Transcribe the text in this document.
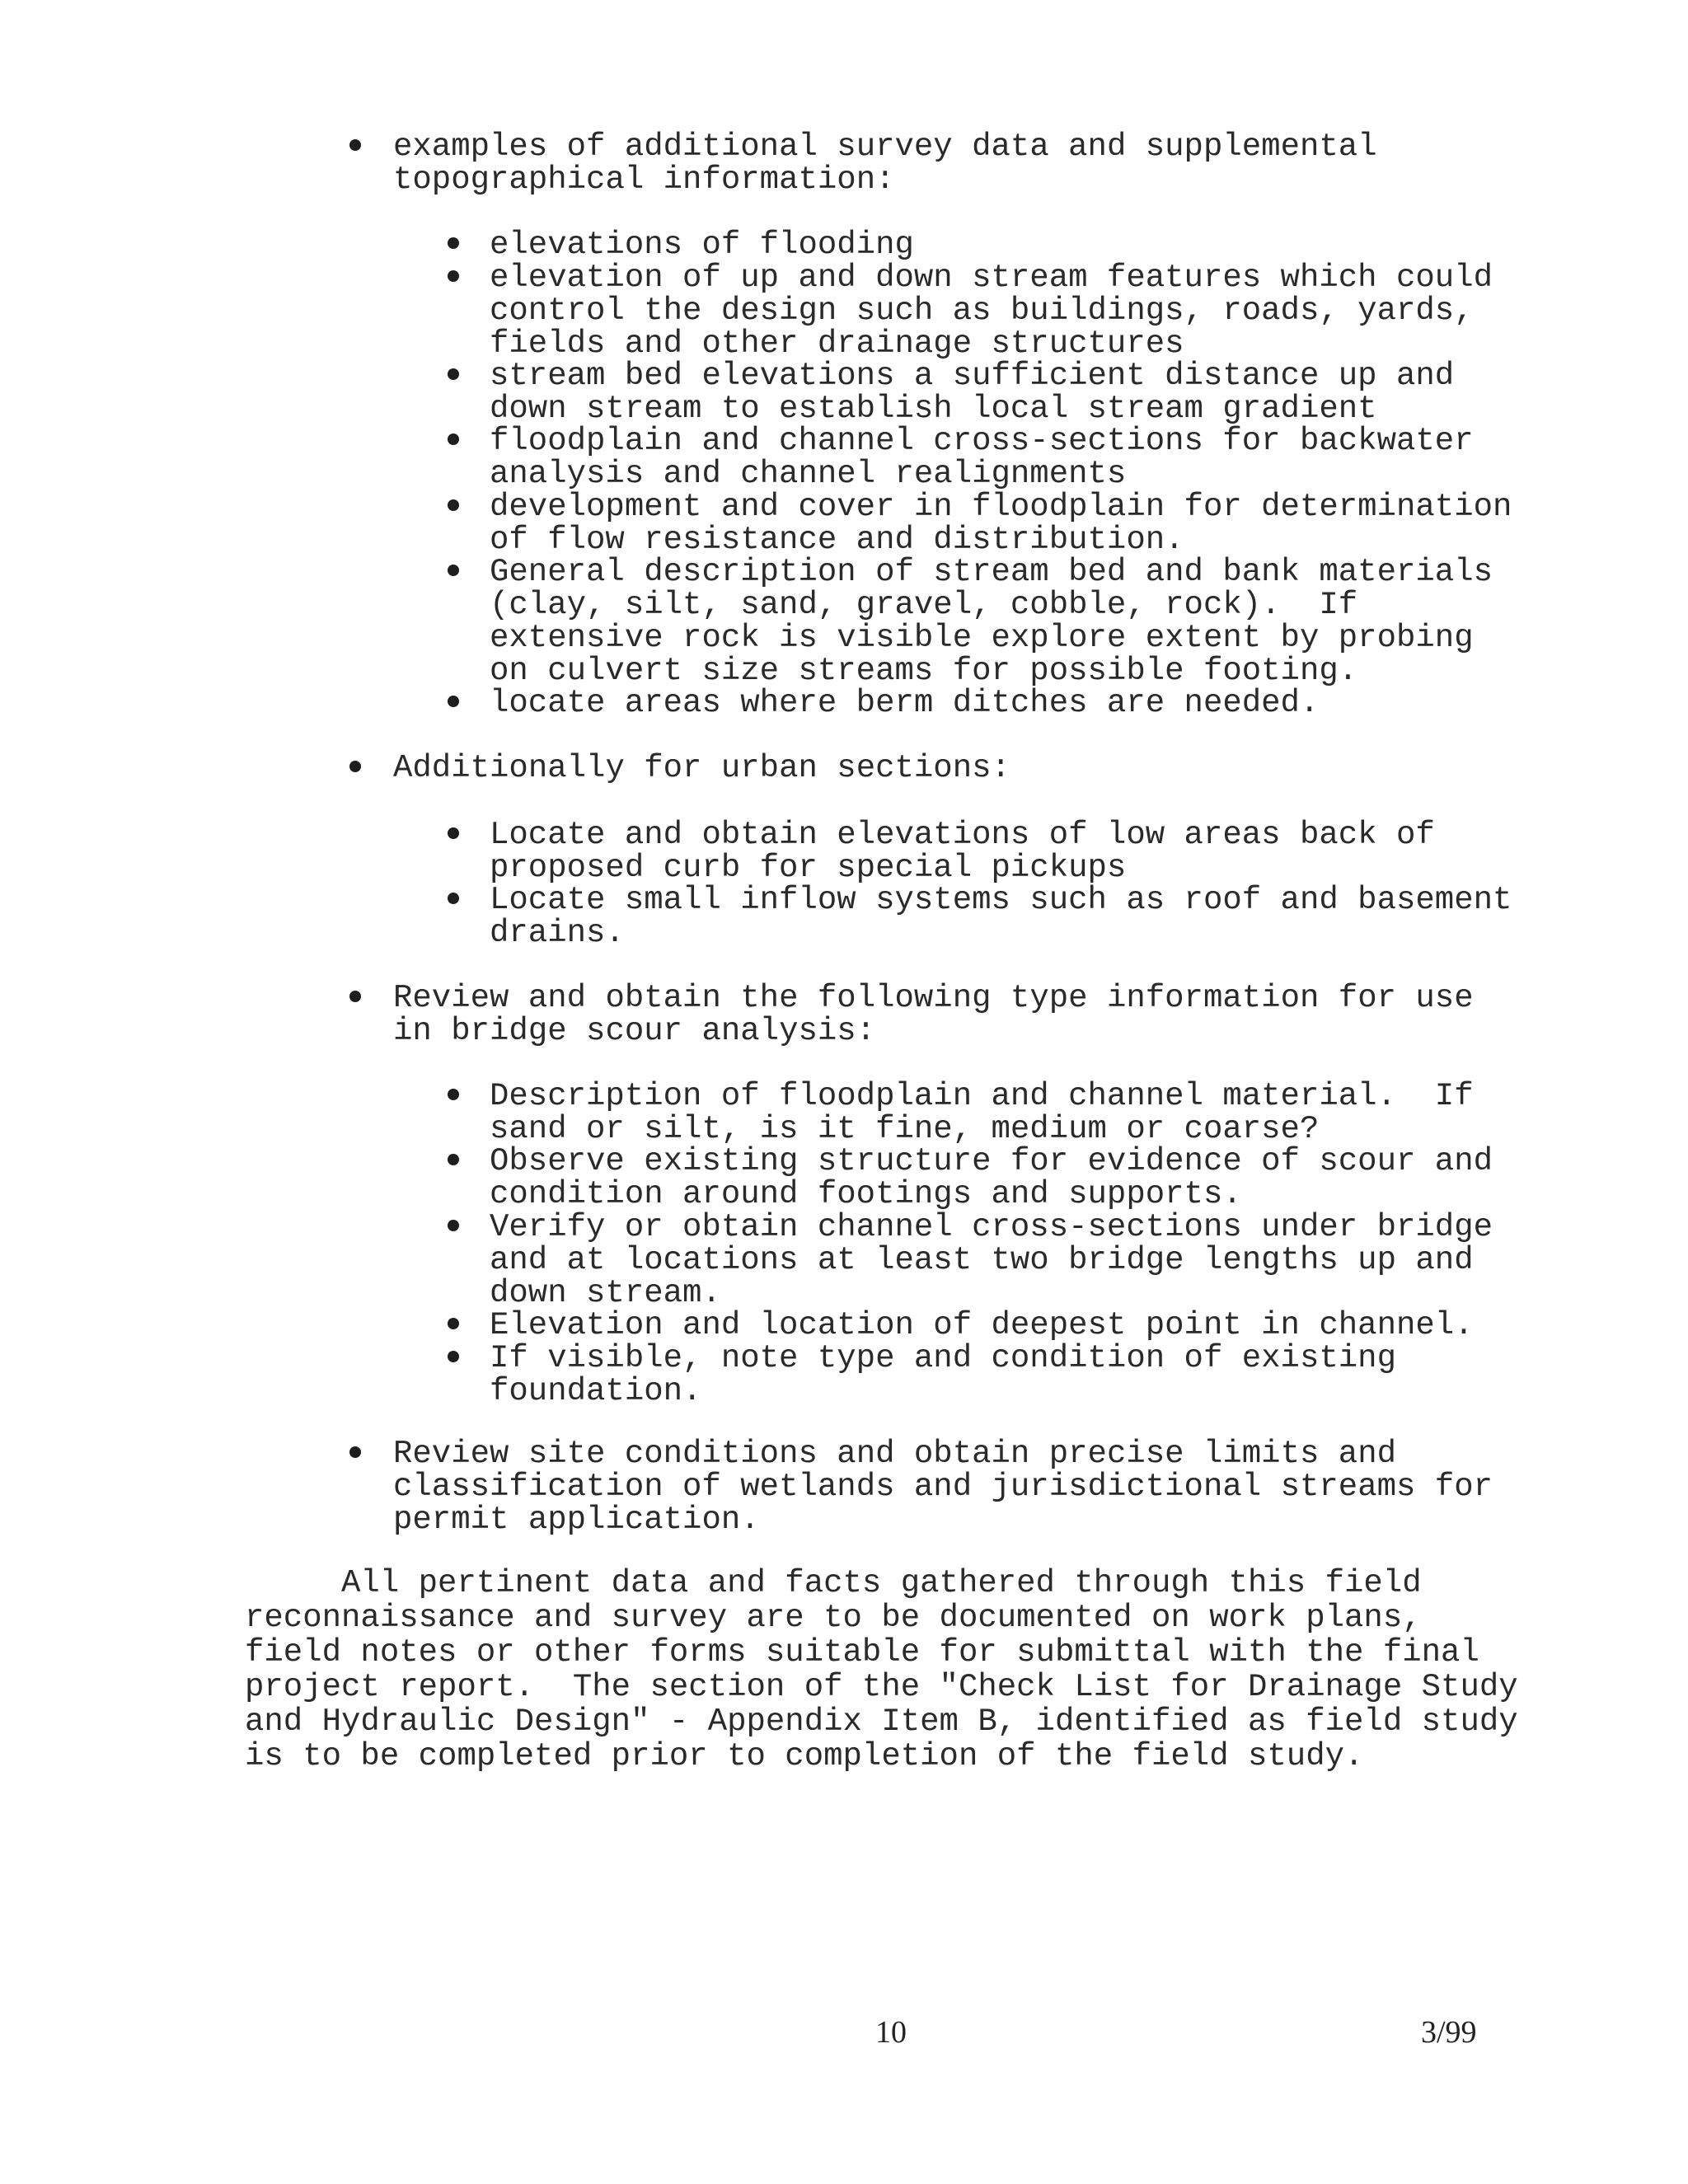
examples of additional survey data and supplemental
topographical information:
elevations of flooding
elevation of up and down stream features which could
control the design such as buildings, roads, yards,
fields and other drainage structures
stream bed elevations a sufficient distance up and
down stream to establish local stream gradient
floodplain and channel cross-sections for backwater
analysis and channel realignments
development and cover in floodplain for determination
of flow resistance and distribution.
General description of stream bed and bank materials
(clay, silt, sand, gravel, cobble, rock).  If
extensive rock is visible explore extent by probing
on culvert size streams for possible footing.
locate areas where berm ditches are needed.
Additionally for urban sections:
Locate and obtain elevations of low areas back of
proposed curb for special pickups
Locate small inflow systems such as roof and basement
drains.
Review and obtain the following type information for use
in bridge scour analysis:
Description of floodplain and channel material.  If
sand or silt, is it fine, medium or coarse?
Observe existing structure for evidence of scour and
condition around footings and supports.
Verify or obtain channel cross-sections under bridge
and at locations at least two bridge lengths up and
down stream.
Elevation and location of deepest point in channel.
If visible, note type and condition of existing
foundation.
Review site conditions and obtain precise limits and
classification of wetlands and jurisdictional streams for
permit application.
All pertinent data and facts gathered through this field
reconnaissance and survey are to be documented on work plans,
field notes or other forms suitable for submittal with the final
project report.  The section of the "Check List for Drainage Study
and Hydraulic Design" - Appendix Item B, identified as field study
is to be completed prior to completion of the field study.
10	3/99
